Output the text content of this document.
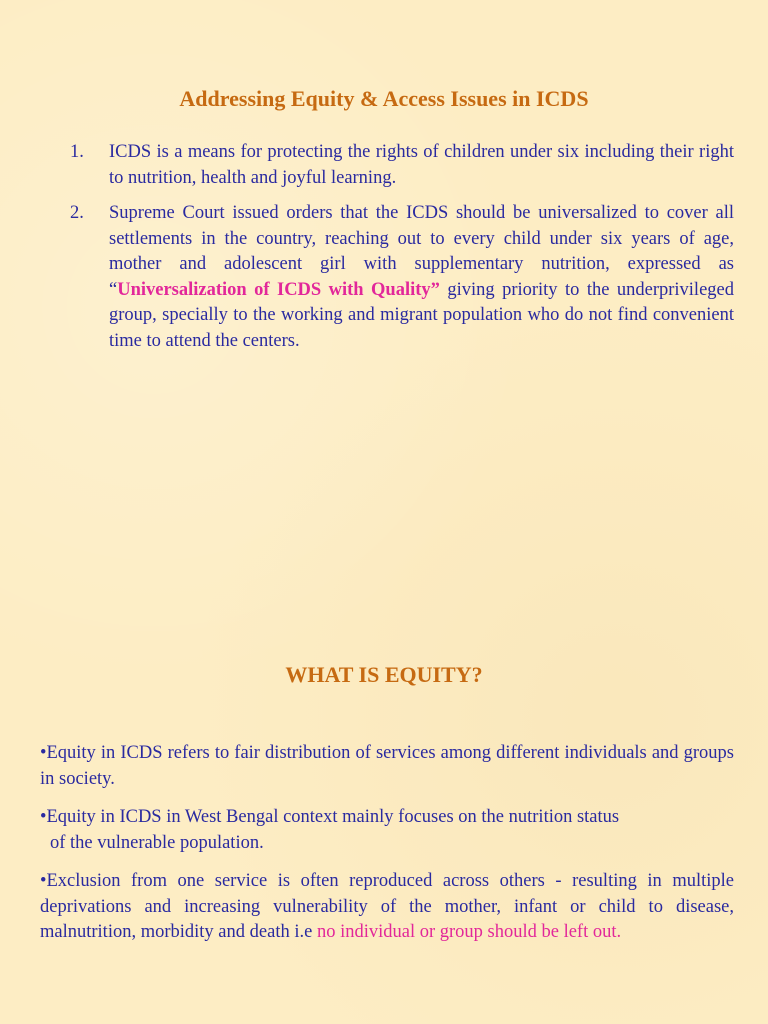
Addressing Equity & Access Issues in ICDS
1.	ICDS is a means for protecting the rights of children under six including their right to nutrition, health and joyful learning.
2.	Supreme Court issued orders that the ICDS should be universalized to cover all settlements in the country, reaching out to every child under six years of age, mother and adolescent girl with supplementary nutrition, expressed as “Universalization of ICDS with Quality” giving priority to the underprivileged group, specially to the working and migrant population who do not find convenient time to attend the centers.
WHAT IS EQUITY?

•Equity in ICDS refers to fair distribution of services among different individuals and groups in society.

•Equity in ICDS in West Bengal context mainly focuses on the nutrition status
of the vulnerable population.

•Exclusion from one service is often reproduced across others - resulting in multiple deprivations and increasing vulnerability of the mother, infant or child to disease, malnutrition, morbidity and death i.e no individual or group should be left out.
